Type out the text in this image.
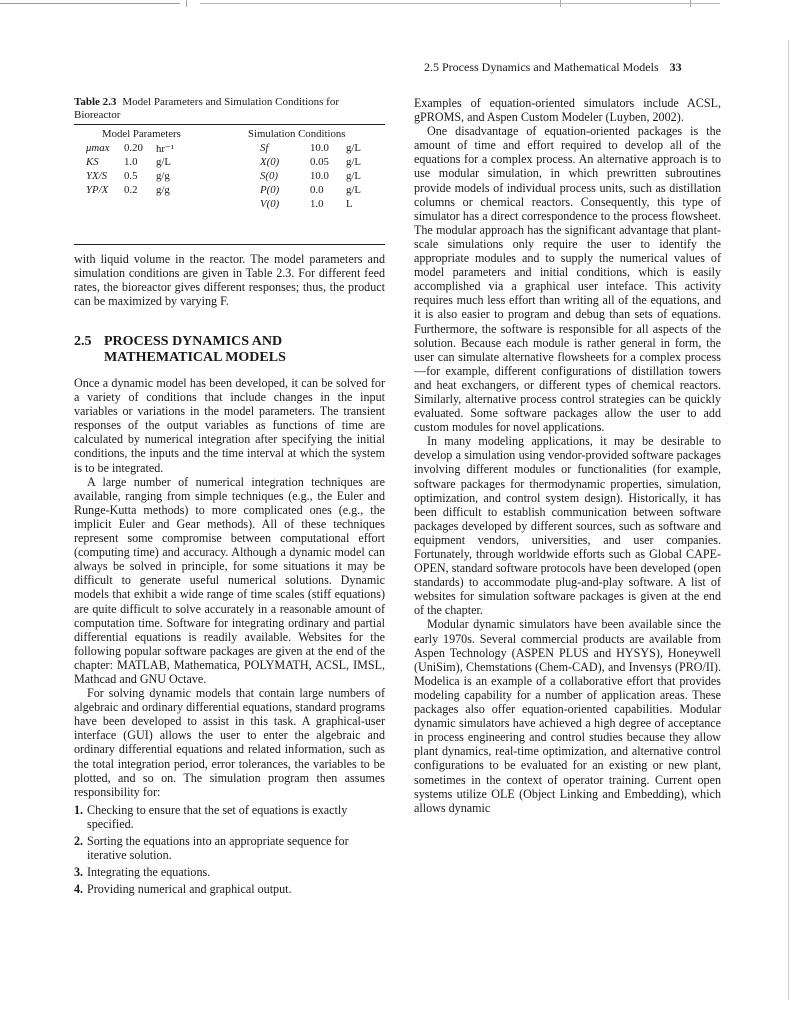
2.5 Process Dynamics and Mathematical Models 33
Table 2.3 Model Parameters and Simulation Conditions for Bioreactor
Model Parameters	Simulation Conditions
μmax 0.20 hr⁻¹
KS 1.0 g/L
YX/S 0.5 g/g
YP/X 0.2 g/g
Sf	10.0 g/L
X(0)	0.05 g/L
S(0)	10.0 g/L
P(0)	0.0 g/L
V(0)	1.0 L

with liquid volume in the reactor. The model parameters and simulation conditions are given in Table 2.3. For different feed rates, the bioreactor gives different responses; thus, the product can be maximized by varying F.

2.5 PROCESS DYNAMICS AND
MATHEMATICAL MODELS

Once a dynamic model has been developed, it can be solved for a variety of conditions that include changes in the input variables or variations in the model parameters. The transient responses of the output variables as functions of time are calculated by numerical integration after specifying the initial conditions, the inputs and the time interval at which the system is to be integrated.

A large number of numerical integration techniques are available, ranging from simple techniques (e.g., the Euler and Runge-Kutta methods) to more complicated ones (e.g., the implicit Euler and Gear methods). All of these techniques represent some compromise between computational effort (computing time) and accuracy. Although a dynamic model can always be solved in principle, for some situations it may be difficult to generate useful numerical solutions. Dynamic models that exhibit a wide range of time scales (stiff equations) are quite difficult to solve accurately in a reasonable amount of computation time. Software for integrating ordinary and partial differential equations is readily available. Websites for the following popular software packages are given at the end of the chapter: MATLAB, Mathematica, POLYMATH, ACSL, IMSL, Mathcad and GNU Octave.

For solving dynamic models that contain large numbers of algebraic and ordinary differential equations, standard programs have been developed to assist in this task. A graphical-user interface (GUI) allows the user to enter the algebraic and ordinary differential equations and related information, such as the total integration period, error tolerances, the variables to be plotted, and so on. The simulation program then assumes responsibility for:

1. Checking to ensure that the set of equations is exactly specified.
2. Sorting the equations into an appropriate sequence for iterative solution.
3. Integrating the equations.
4. Providing numerical and graphical output.

Examples of equation-oriented simulators include ACSL, gPROMS, and Aspen Custom Modeler (Luyben, 2002).

One disadvantage of equation-oriented packages is the amount of time and effort required to develop all of the equations for a complex process. An alternative approach is to use modular simulation, in which prewritten subroutines provide models of individual process units, such as distillation columns or chemical reactors. Consequently, this type of simulator has a direct correspondence to the process flowsheet. The modular approach has the significant advantage that plant-scale simulations only require the user to identify the appropriate modules and to supply the numerical values of model parameters and initial conditions, which is easily accomplished via a graphical user inteface. This activity requires much less effort than writing all of the equations, and it is also easier to program and debug than sets of equations. Furthermore, the software is responsible for all aspects of the solution. Because each module is rather general in form, the user can simulate alternative flowsheets for a complex process—for example, different configurations of distillation towers and heat exchangers, or different types of chemical reactors. Similarly, alternative process control strategies can be quickly evaluated. Some software packages allow the user to add custom modules for novel applications.

In many modeling applications, it may be desirable to develop a simulation using vendor-provided software packages involving different modules or functionalities (for example, software packages for thermodynamic properties, simulation, optimization, and control system design). Historically, it has been difficult to establish communication between software packages developed by different sources, such as software and equipment vendors, universities, and user companies. Fortunately, through worldwide efforts such as Global CAPE-OPEN, standard software protocols have been developed (open standards) to accommodate plug-and-play software. A list of websites for simulation software packages is given at the end of the chapter.

Modular dynamic simulators have been available since the early 1970s. Several commercial products are available from Aspen Technology (ASPEN PLUS and HYSYS), Honeywell (UniSim), Chemstations (Chem-CAD), and Invensys (PRO/II). Modelica is an example of a collaborative effort that provides modeling capability for a number of application areas. These packages also offer equation-oriented capabilities. Modular dynamic simulators have achieved a high degree of acceptance in process engineering and control studies because they allow plant dynamics, real-time optimization, and alternative control configurations to be evaluated for an existing or new plant, sometimes in the context of operator training. Current open systems utilize OLE (Object Linking and Embedding), which allows dynamic
